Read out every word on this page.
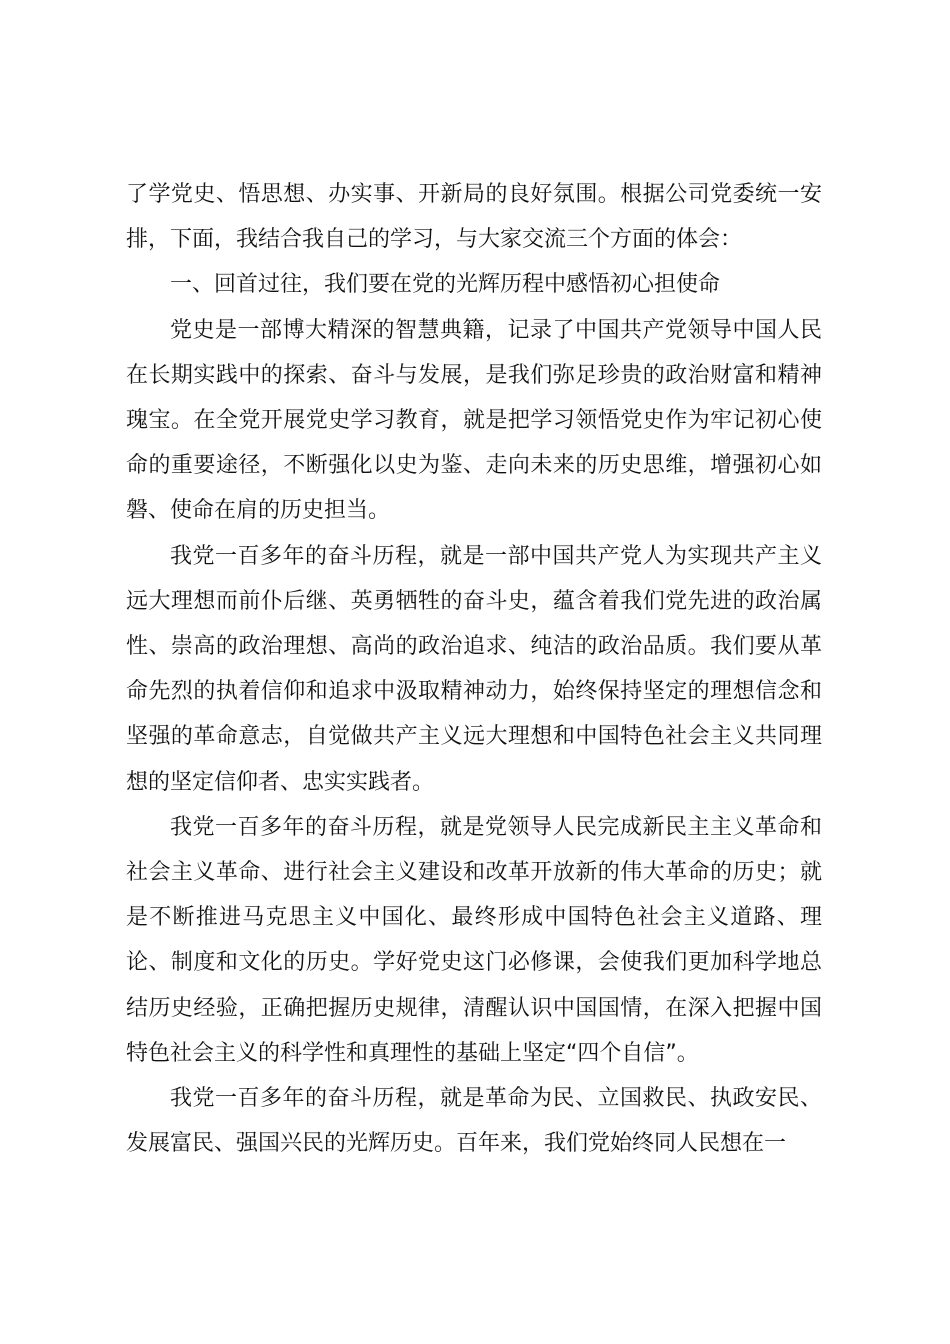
了学党史、悟思想、办实事、开新局的良好氛围。根据公司党委统一安排，下面，我结合我自己的学习，与大家交流三个方面的体会：

一、回首过往，我们要在党的光辉历程中感悟初心担使命

党史是一部博大精深的智慧典籍，记录了中国共产党领导中国人民在长期实践中的探索、奋斗与发展，是我们弥足珍贵的政治财富和精神瑰宝。在全党开展党史学习教育，就是把学习领悟党史作为牢记初心使命的重要途径，不断强化以史为鉴、走向未来的历史思维，增强初心如磐、使命在肩的历史担当。

我党一百多年的奋斗历程，就是一部中国共产党人为实现共产主义远大理想而前仆后继、英勇牺牲的奋斗史，蕴含着我们党先进的政治属性、崇高的政治理想、高尚的政治追求、纯洁的政治品质。我们要从革命先烈的执着信仰和追求中汲取精神动力，始终保持坚定的理想信念和坚强的革命意志，自觉做共产主义远大理想和中国特色社会主义共同理想的坚定信仰者、忠实实践者。

我党一百多年的奋斗历程，就是党领导人民完成新民主主义革命和社会主义革命、进行社会主义建设和改革开放新的伟大革命的历史；就是不断推进马克思主义中国化、最终形成中国特色社会主义道路、理论、制度和文化的历史。学好党史这门必修课，会使我们更加科学地总结历史经验，正确把握历史规律，清醒认识中国国情，在深入把握中国特色社会主义的科学性和真理性的基础上坚定“四个自信”。

我党一百多年的奋斗历程，就是革命为民、立国救民、执政安民、发展富民、强国兴民的光辉历史。百年来，我们党始终同人民想在一
